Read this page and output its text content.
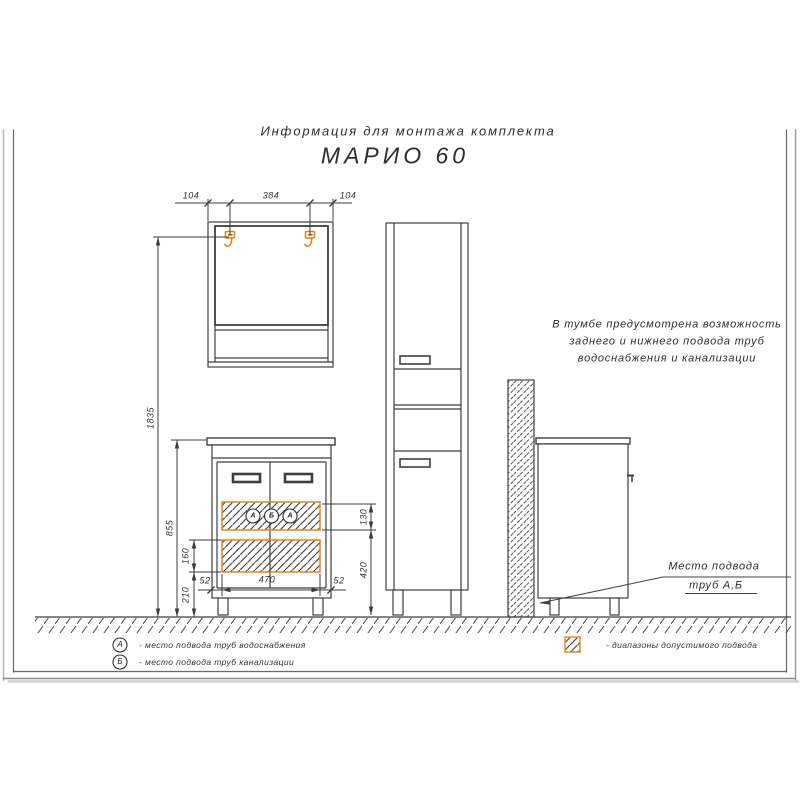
Информация для монтажа комплекта
МАРИО 60
104	384	104
1835
855
160
210
52	470	52
130
420
А Б А
В тумбе предусмотрена возможность
заднего и нижнего подвода труб
водоснабжения и канализации
Место подвода
труб А,Б
А - место подвода труб водоснабжения
Б - место подвода труб канализации
- диапазоны допустимого подвода
